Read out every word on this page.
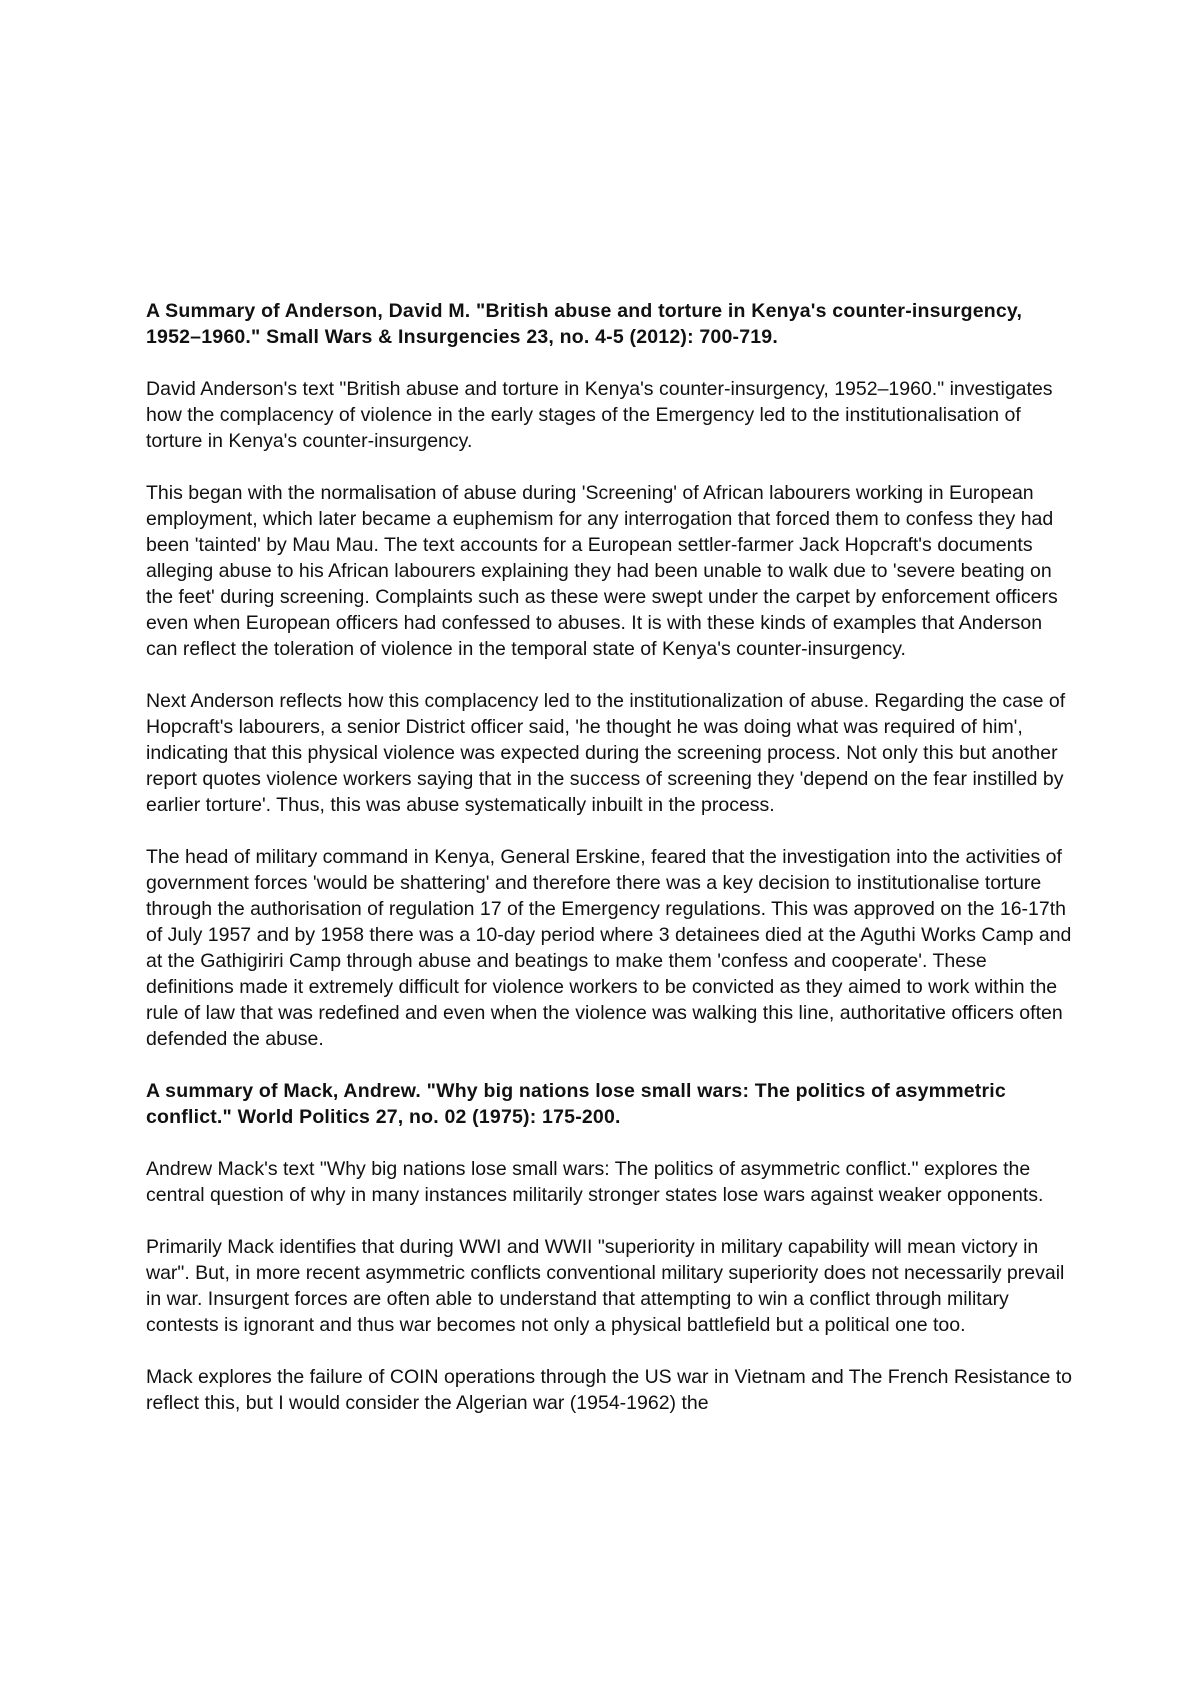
A Summary of Anderson, David M. "British abuse and torture in Kenya's counter-insurgency, 1952–1960." Small Wars & Insurgencies 23, no. 4-5 (2012): 700-719.

David Anderson's text "British abuse and torture in Kenya's counter-insurgency, 1952–1960." investigates how the complacency of violence in the early stages of the Emergency led to the institutionalisation of torture in Kenya's counter-insurgency.

This began with the normalisation of abuse during 'Screening' of African labourers working in European employment, which later became a euphemism for any interrogation that forced them to confess they had been 'tainted' by Mau Mau. The text accounts for a European settler-farmer Jack Hopcraft's documents alleging abuse to his African labourers explaining they had been unable to walk due to 'severe beating on the feet' during screening. Complaints such as these were swept under the carpet by enforcement officers even when European officers had confessed to abuses. It is with these kinds of examples that Anderson can reflect the toleration of violence in the temporal state of Kenya's counter-insurgency.

Next Anderson reflects how this complacency led to the institutionalization of abuse. Regarding the case of Hopcraft's labourers, a senior District officer said, 'he thought he was doing what was required of him', indicating that this physical violence was expected during the screening process. Not only this but another report quotes violence workers saying that in the success of screening they 'depend on the fear instilled by earlier torture'. Thus, this was abuse systematically inbuilt in the process.

The head of military command in Kenya, General Erskine, feared that the investigation into the activities of government forces 'would be shattering' and therefore there was a key decision to institutionalise torture through the authorisation of regulation 17 of the Emergency regulations. This was approved on the 16-17th of July 1957 and by 1958 there was a 10-day period where 3 detainees died at the Aguthi Works Camp and at the Gathigiriri Camp through abuse and beatings to make them 'confess and cooperate'. These definitions made it extremely difficult for violence workers to be convicted as they aimed to work within the rule of law that was redefined and even when the violence was walking this line, authoritative officers often defended the abuse.

A summary of Mack, Andrew. "Why big nations lose small wars: The politics of asymmetric conflict." World Politics 27, no. 02 (1975): 175-200.

Andrew Mack's text "Why big nations lose small wars: The politics of asymmetric conflict." explores the central question of why in many instances militarily stronger states lose wars against weaker opponents.

Primarily Mack identifies that during WWI and WWII "superiority in military capability will mean victory in war". But, in more recent asymmetric conflicts conventional military superiority does not necessarily prevail in war. Insurgent forces are often able to understand that attempting to win a conflict through military contests is ignorant and thus war becomes not only a physical battlefield but a political one too.

Mack explores the failure of COIN operations through the US war in Vietnam and The French Resistance to reflect this, but I would consider the Algerian war (1954-1962) the
